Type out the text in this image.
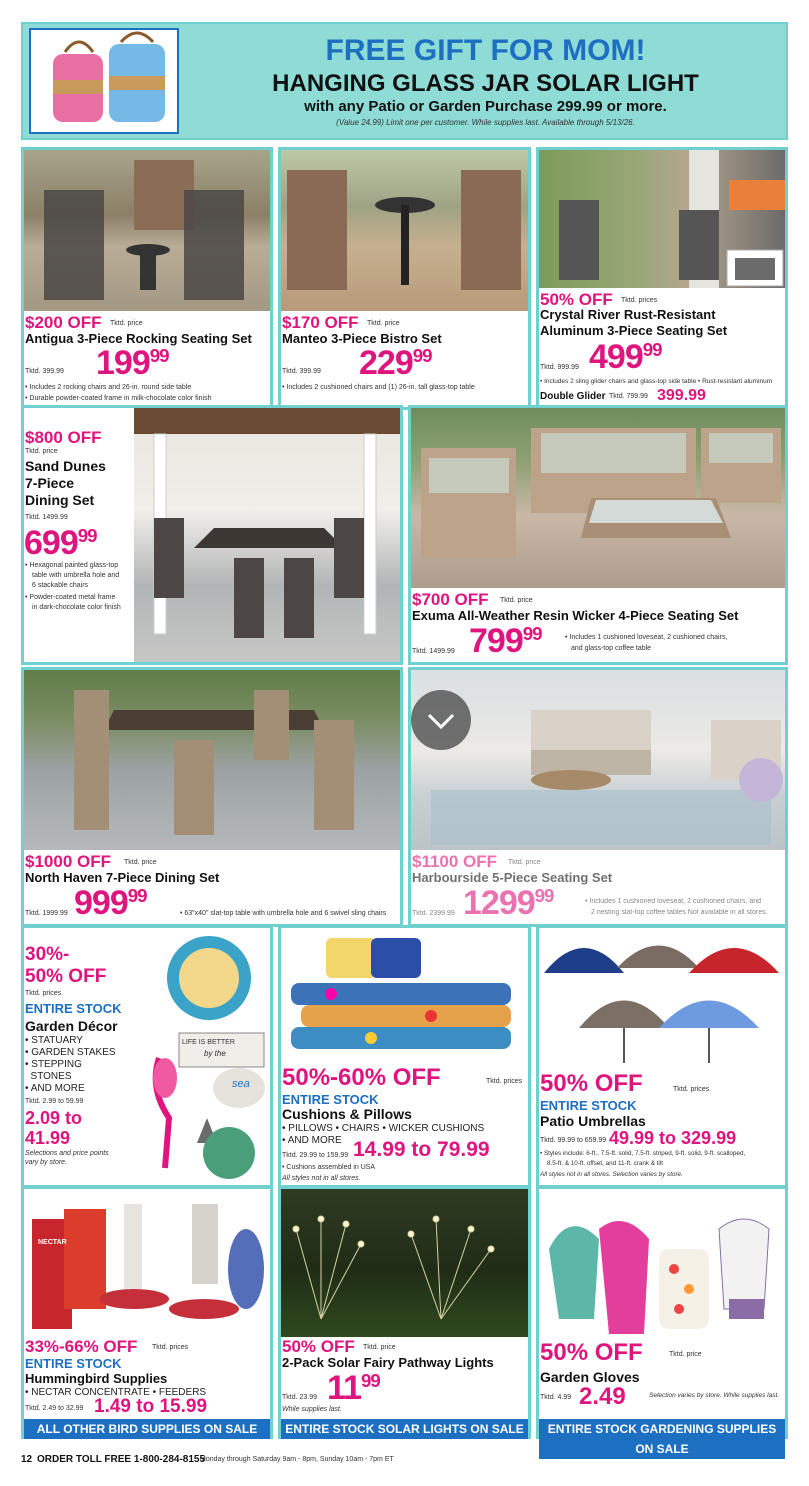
FREE GIFT FOR MOM!
HANGING GLASS JAR SOLAR LIGHT
with any Patio or Garden Purchase 299.99 or more.
(Value 24.99) Limit one per customer. While supplies last. Available through 5/13/26.
$200 OFF Tktd. price
Antigua 3-Piece Rocking Seating Set
Tktd. 399.99 $199^{99}$
• Includes 2 rocking chairs and 26-in. round side table
• Durable powder-coated frame in milk-chocolate color finish
$170 OFF Tktd. price
Manteo 3-Piece Bistro Set
Tktd. 399.99 $229^{99}$
• Includes 2 cushioned chairs and (1) 26-in. tall glass-top table
50% OFF Tktd. prices
Crystal River Rust-Resistant
Aluminum 3-Piece Seating Set
Tktd. 999.99 $499^{99}$
• Includes 2 sling glider chairs and glass-top side table • Rust-resistant aluminum
Double Glider Tktd. 799.99 399.99
$800 OFF
Tktd. price
Sand Dunes
7-Piece
Dining Set
Tktd. 1499.99
$699^{99}$
• Hexagonal painted glass-top
table with umbrella hole and
6 stackable chairs
• Powder-coated metal frame
in dark-chocolate color finish	$700 OFF Tktd. price
Exuma All-Weather Resin Wicker 4-Piece Seating Set
Tktd. 1499.99 $799^{99}$	• Includes 1 cushioned loveseat, 2 cushioned chairs,
and glass-top coffee table
$1000 OFF Tktd. price
North Haven 7-Piece Dining Set
Tktd. 1999.99 $999^{99}$
• 63"x40" slat-top table with umbrella hole and 6 swivel sling chairs
$1100 OFF Tktd. price
Harbourside 5-Piece Seating Set
Tktd. 2399.99 1299$^{99}$	• Includes 1 cushioned loveseat, 2 cushioned chairs, and
2 nesting slat-top coffee tables Not available in all stores.
30%-
50% OFF
Tktd. prices
ENTIRE STOCK
Garden Décor
• STATUARY
• GARDEN STAKES
• STEPPING
STONES
• AND MORE
Tktd. 2.99 to 59.99
2.09 to
41.99
Selections and price points
vary by store.
LIFE IS BETTER
by the
sea 50%-60% OFF	Tktd. prices
ENTIRE STOCK
Cushions & Pillows
• PILLOWS • CHAIRS • WICKER CUSHIONS
• AND MORE
Tktd. 29.99 to 159.99 14.99 to 79.99
• Cushions assembled in USA
All styles not in all stores.
50% OFF	Tktd. prices
ENTIRE STOCK
Patio Umbrellas
Tktd. 99.99 to 659.99 49.99 to 329.99
• Styles include: 6-ft., 7.5-ft. solid, 7.5-ft. striped, 9-ft. solid, 9-ft. scalloped,
8.5-ft. & 10-ft. offset, and 11-ft. crank & tilt
All styles not in all stores. Selection varies by store.
NECTAR
33%-66% OFF Tktd. prices
ENTIRE STOCK
Hummingbird Supplies
• NECTAR CONCENTRATE • FEEDERS
Tktd. 2.49 to 32.99 1.49 to 15.99
ALL OTHER BIRD SUPPLIES ON SALE
50% OFF Tktd. price
2-Pack Solar Fairy Pathway Lights
Tktd. 23.99 $11^{99}$
While supplies last.
ENTIRE STOCK SOLAR LIGHTS ON SALE
50% OFF	Tktd. price
Garden Gloves
Tktd. 4.99 2.49	Selection varies by store. While supplies last.
ENTIRE STOCK GARDENING SUPPLIES ON SALE
12 ORDER TOLL FREE 1-800-284-8155
Monday through Saturday 9am - 8pm, Sunday 10am - 7pm ET
